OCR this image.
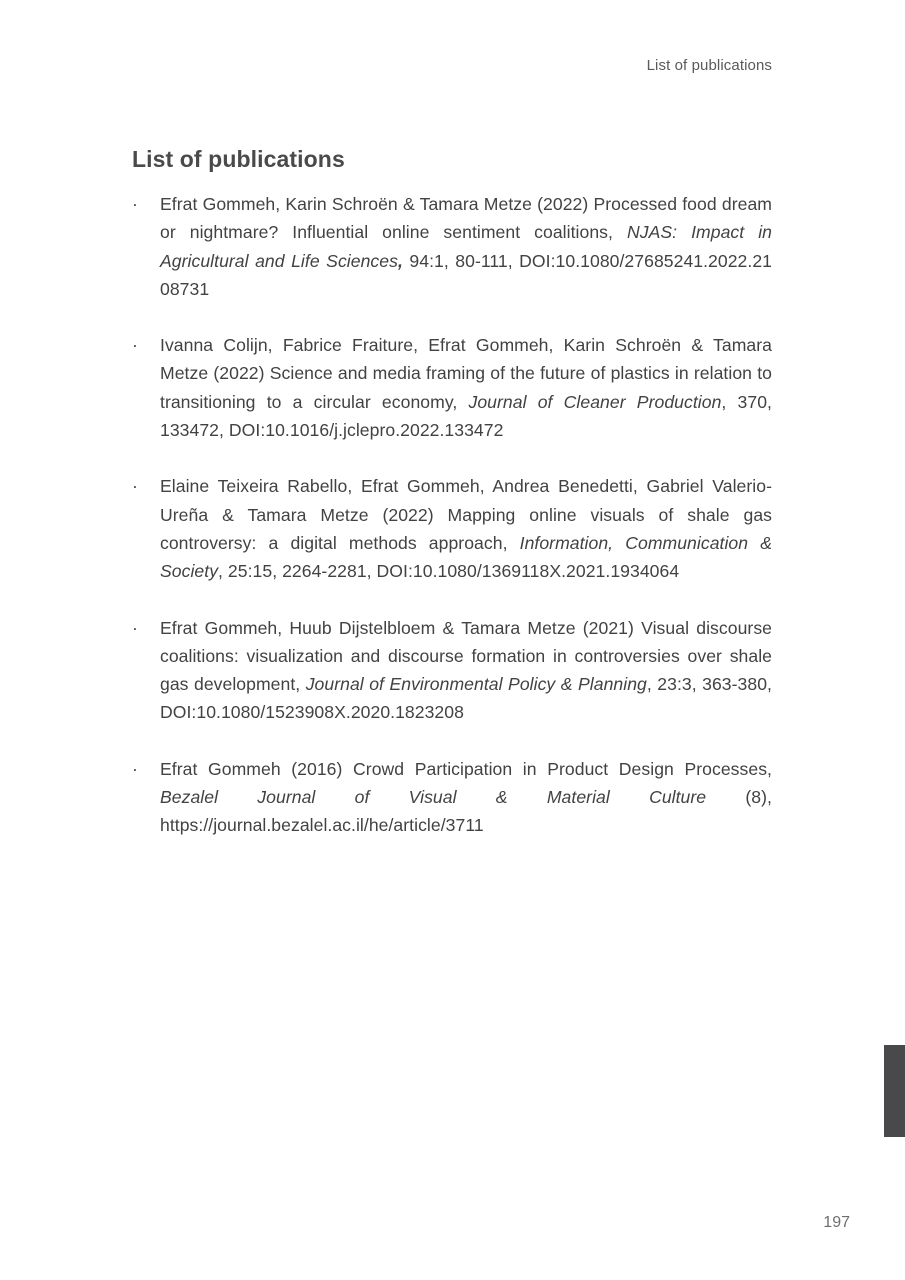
List of publications
List of publications
·	Efrat Gommeh, Karin Schroën & Tamara Metze (2022) Processed food dream or nightmare? Influential online sentiment coalitions, NJAS: Impact in Agricultural and Life Sciences, 94:1, 80-111, DOI:10.1080/27685241.2022.21​08731
·	Ivanna Colijn, Fabrice Fraiture, Efrat Gommeh, Karin Schroën & Tamara Metze (2022) Science and media framing of the future of plastics in relation to transitioning to a circular economy, Journal of Cleaner Production, 370, 133472, DOI:10.1016/j.jclepro.2022.133472
·	Elaine Teixeira Rabello, Efrat Gommeh, Andrea Benedetti, Gabriel Valerio-Ureña & Tamara Metze (2022) Mapping online visuals of shale gas controversy: a digital methods approach, Information, Communication & Society, 25:15, 2264-2281, DOI:10.1080/1369118X.2021.1934064
·	Efrat Gommeh, Huub Dijstelbloem & Tamara Metze (2021) Visual discourse coalitions: visualization and discourse formation in controversies over shale gas development, Journal of Environmental Policy & Planning, 23:3, 363-380, DOI:10.1080/1523908X.2020.1823208
·	Efrat Gommeh (2016) Crowd Participation in Product Design Processes, Bezalel Journal of Visual & Material Culture (8), https://journal.bezalel.ac.il/he/article/3711
197
